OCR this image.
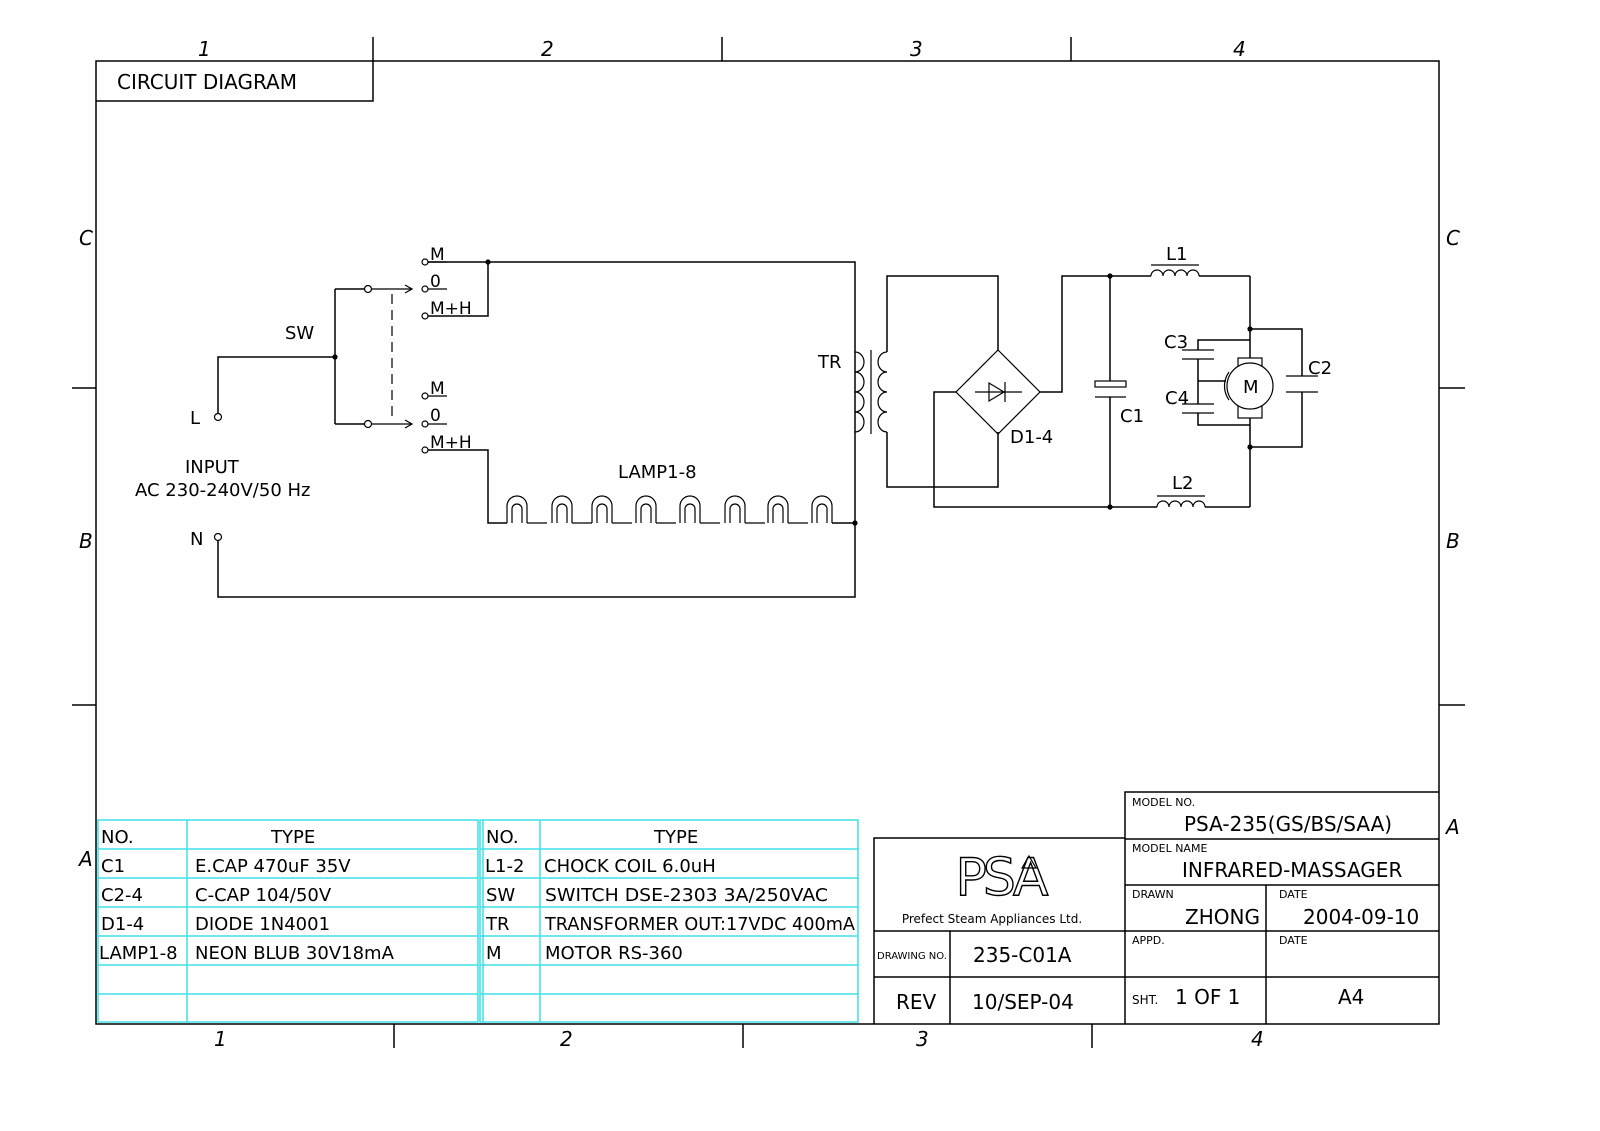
1	2	3	4
1	2	3	4
C
B
A
C
B
A
CIRCUIT DIAGRAM
L
N
INPUT
AC 230-240V/50 Hz
SW
M
0
M+H
M
0
M+H
LAMP1-8
TR
D1-4
C1
L1
L2
C2
C3
C4
M
NO.	TYPE
C1	E.CAP 470uF 35V
C2-4	C-CAP 104/50V
D1-4	DIODE 1N4001
LAMP1-8 NEON BLUB 30V18mA
NO.	TYPE
L1-2 CHOCK COIL 6.0uH
SW SWITCH DSE-2303 3A/250VAC
TR TRANSFORMER OUT:17VDC 400mA
M MOTOR RS-360
PSA
Prefect Steam Appliances Ltd.
MODEL NO.
PSA-235(GS/BS/SAA)
MODEL NAME
INFRARED-MASSAGER
DRAWN
ZHONG
DATE
2004-09-10
APPD.	DATE
DRAWING NO. 235-C01A
REV 10/SEP-04	SHT. 1 OF 1	A4
